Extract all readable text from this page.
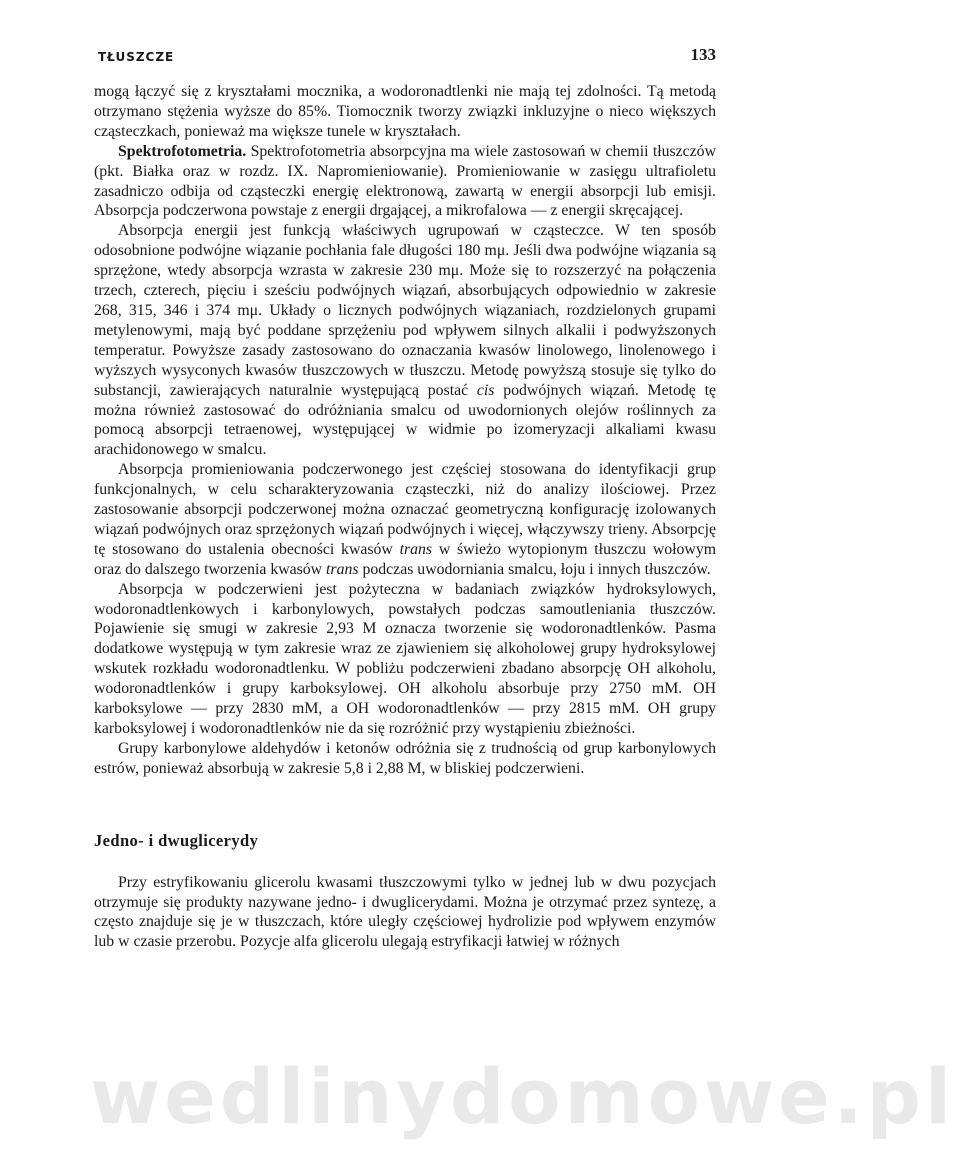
TŁUSZCZE	133

mogą łączyć się z kryształami mocznika, a wodoronadtlenki nie mają tej zdolności. Tą metodą otrzymano stężenia wyższe do 85%. Tiomocznik tworzy związki inkluzyjne o nieco większych cząsteczkach, ponieważ ma większe tunele w kryształach.

Spektrofotometria. Spektrofotometria absorpcyjna ma wiele zastosowań w chemii tłuszczów (pkt. Białka oraz w rozdz. IX. Napromieniowanie). Promieniowanie w zasięgu ultrafioletu zasadniczo odbija od cząsteczki energię elektronową, zawartą w energii absorpcji lub emisji. Absorpcja podczerwona powstaje z energii drgającej, a mikrofalowa — z energii skręcającej.

Absorpcja energii jest funkcją właściwych ugrupowań w cząsteczce. W ten sposób odosobnione podwójne wiązanie pochłania fale długości 180 mμ. Jeśli dwa podwójne wiązania są sprzężone, wtedy absorpcja wzrasta w zakresie 230 mμ. Może się to rozszerzyć na połączenia trzech, czterech, pięciu i sześciu podwójnych wiązań, absorbujących odpowiednio w zakresie 268, 315, 346 i 374 mμ. Układy o licznych podwójnych wiązaniach, rozdzielonych grupami metylenowymi, mają być poddane sprzężeniu pod wpływem silnych alkalii i podwyższonych temperatur. Powyższe zasady zastosowano do oznaczania kwasów linolowego, linolenowego i wyższych wysyconych kwasów tłuszczowych w tłuszczu. Metodę powyższą stosuje się tylko do substancji, zawierających naturalnie występującą postać cis podwójnych wiązań. Metodę tę można również zastosować do odróżniania smalcu od uwodornionych olejów roślinnych za pomocą absorpcji tetraenowej, występującej w widmie po izomeryzacji alkaliami kwasu arachidonowego w smalcu.

Absorpcja promieniowania podczerwonego jest częściej stosowana do identyfikacji grup funkcjonalnych, w celu scharakteryzowania cząsteczki, niż do analizy ilościowej. Przez zastosowanie absorpcji podczerwonej można oznaczać geometryczną konfigurację izolowanych wiązań podwójnych oraz sprzężonych wiązań podwójnych i więcej, włączywszy trieny. Absorpcję tę stosowano do ustalenia obecności kwasów trans w świeżo wytopionym tłuszczu wołowym oraz do dalszego tworzenia kwasów trans podczas uwodorniania smalcu, łoju i innych tłuszczów.

Absorpcja w podczerwieni jest pożyteczna w badaniach związków hydroksylowych, wodoronadtlenkowych i karbonylowych, powstałych podczas samoutleniania tłuszczów. Pojawienie się smugi w zakresie 2,93 M oznacza tworzenie się wodoronadtlenków. Pasma dodatkowe występują w tym zakresie wraz ze zjawieniem się alkoholowej grupy hydroksylowej wskutek rozkładu wodoronadtlenku. W pobliżu podczerwieni zbadano absorpcję OH alkoholu, wodoronadtlenków i grupy karboksylowej. OH alkoholu absorbuje przy 2750 mM. OH karboksylowe — przy 2830 mM, a OH wodoronadtlenków — przy 2815 mM. OH grupy karboksylowej i wodoronadtlenków nie da się rozróżnić przy wystąpieniu zbieżności.

Grupy karbonylowe aldehydów i ketonów odróżnia się z trudnością od grup karbonylowych estrów, ponieważ absorbują w zakresie 5,8 i 2,88 M, w bliskiej podczerwieni.

Jedno- i dwuglicerydy

Przy estryfikowaniu glicerolu kwasami tłuszczowymi tylko w jednej lub w dwu pozycjach otrzymuje się produkty nazywane jedno- i dwuglicerydami. Można je otrzymać przez syntezę, a często znajduje się je w tłuszczach, które uległy częściowej hydrolizie pod wpływem enzymów lub w czasie przerobu. Pozycje alfa glicerolu ulegają estryfikacji łatwiej w różnych

wedlinydomowe.pl
